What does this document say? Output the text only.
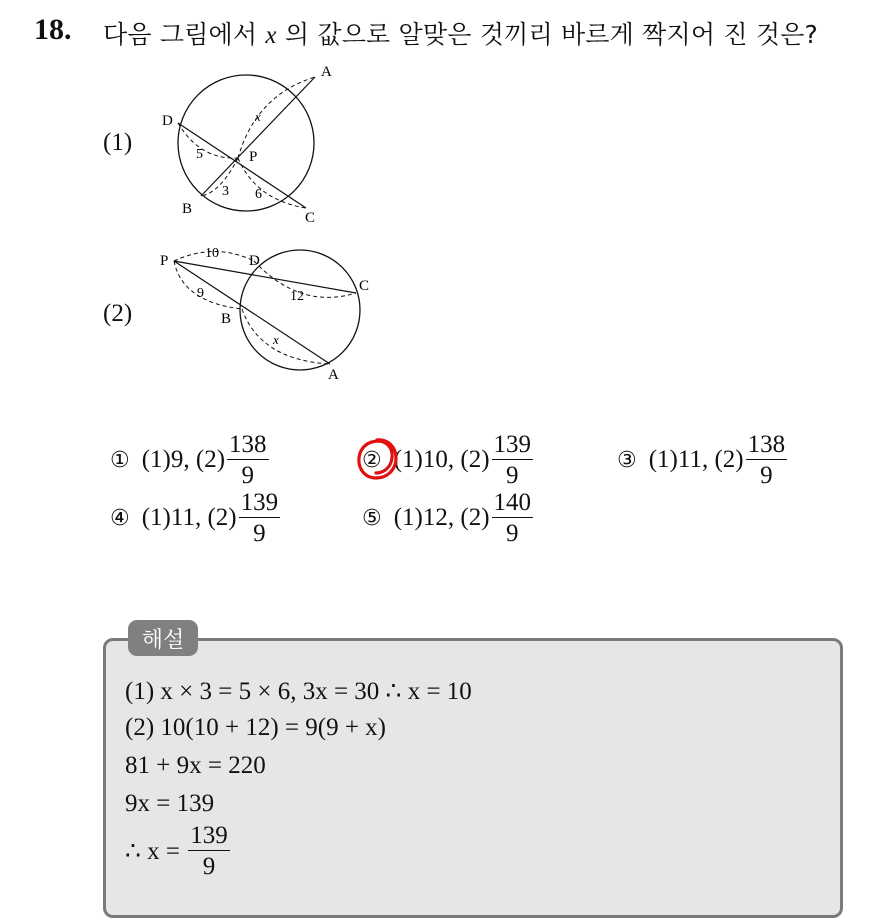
18. 다음 그림에서 x 의 값으로 알맞은 것끼리 바르게 짝지어 진 것은?
(1)
A
D
P
B
C
x
5
3 6
(2)
P	D
C
B
A
10
12
9
x
① (1)9,
$(2) \frac{138}{9}$	② (1)10,
$(2) \frac{139}{9}$	③ (1)11,
$(2) \frac{138}{9}$
④ (1)11,
$(2) \frac{139}{9}$	⑤ (1)12,
$(2) \frac{140}{9}$
해설
(1) x × 3 = 5 × 6, 3x = 30 ∴ x = 10
(2) 10(10 + 12) = 9(9 + x)
81 + 9x = 220
9x = 139
∴ x =
$\frac{139}{9}$
